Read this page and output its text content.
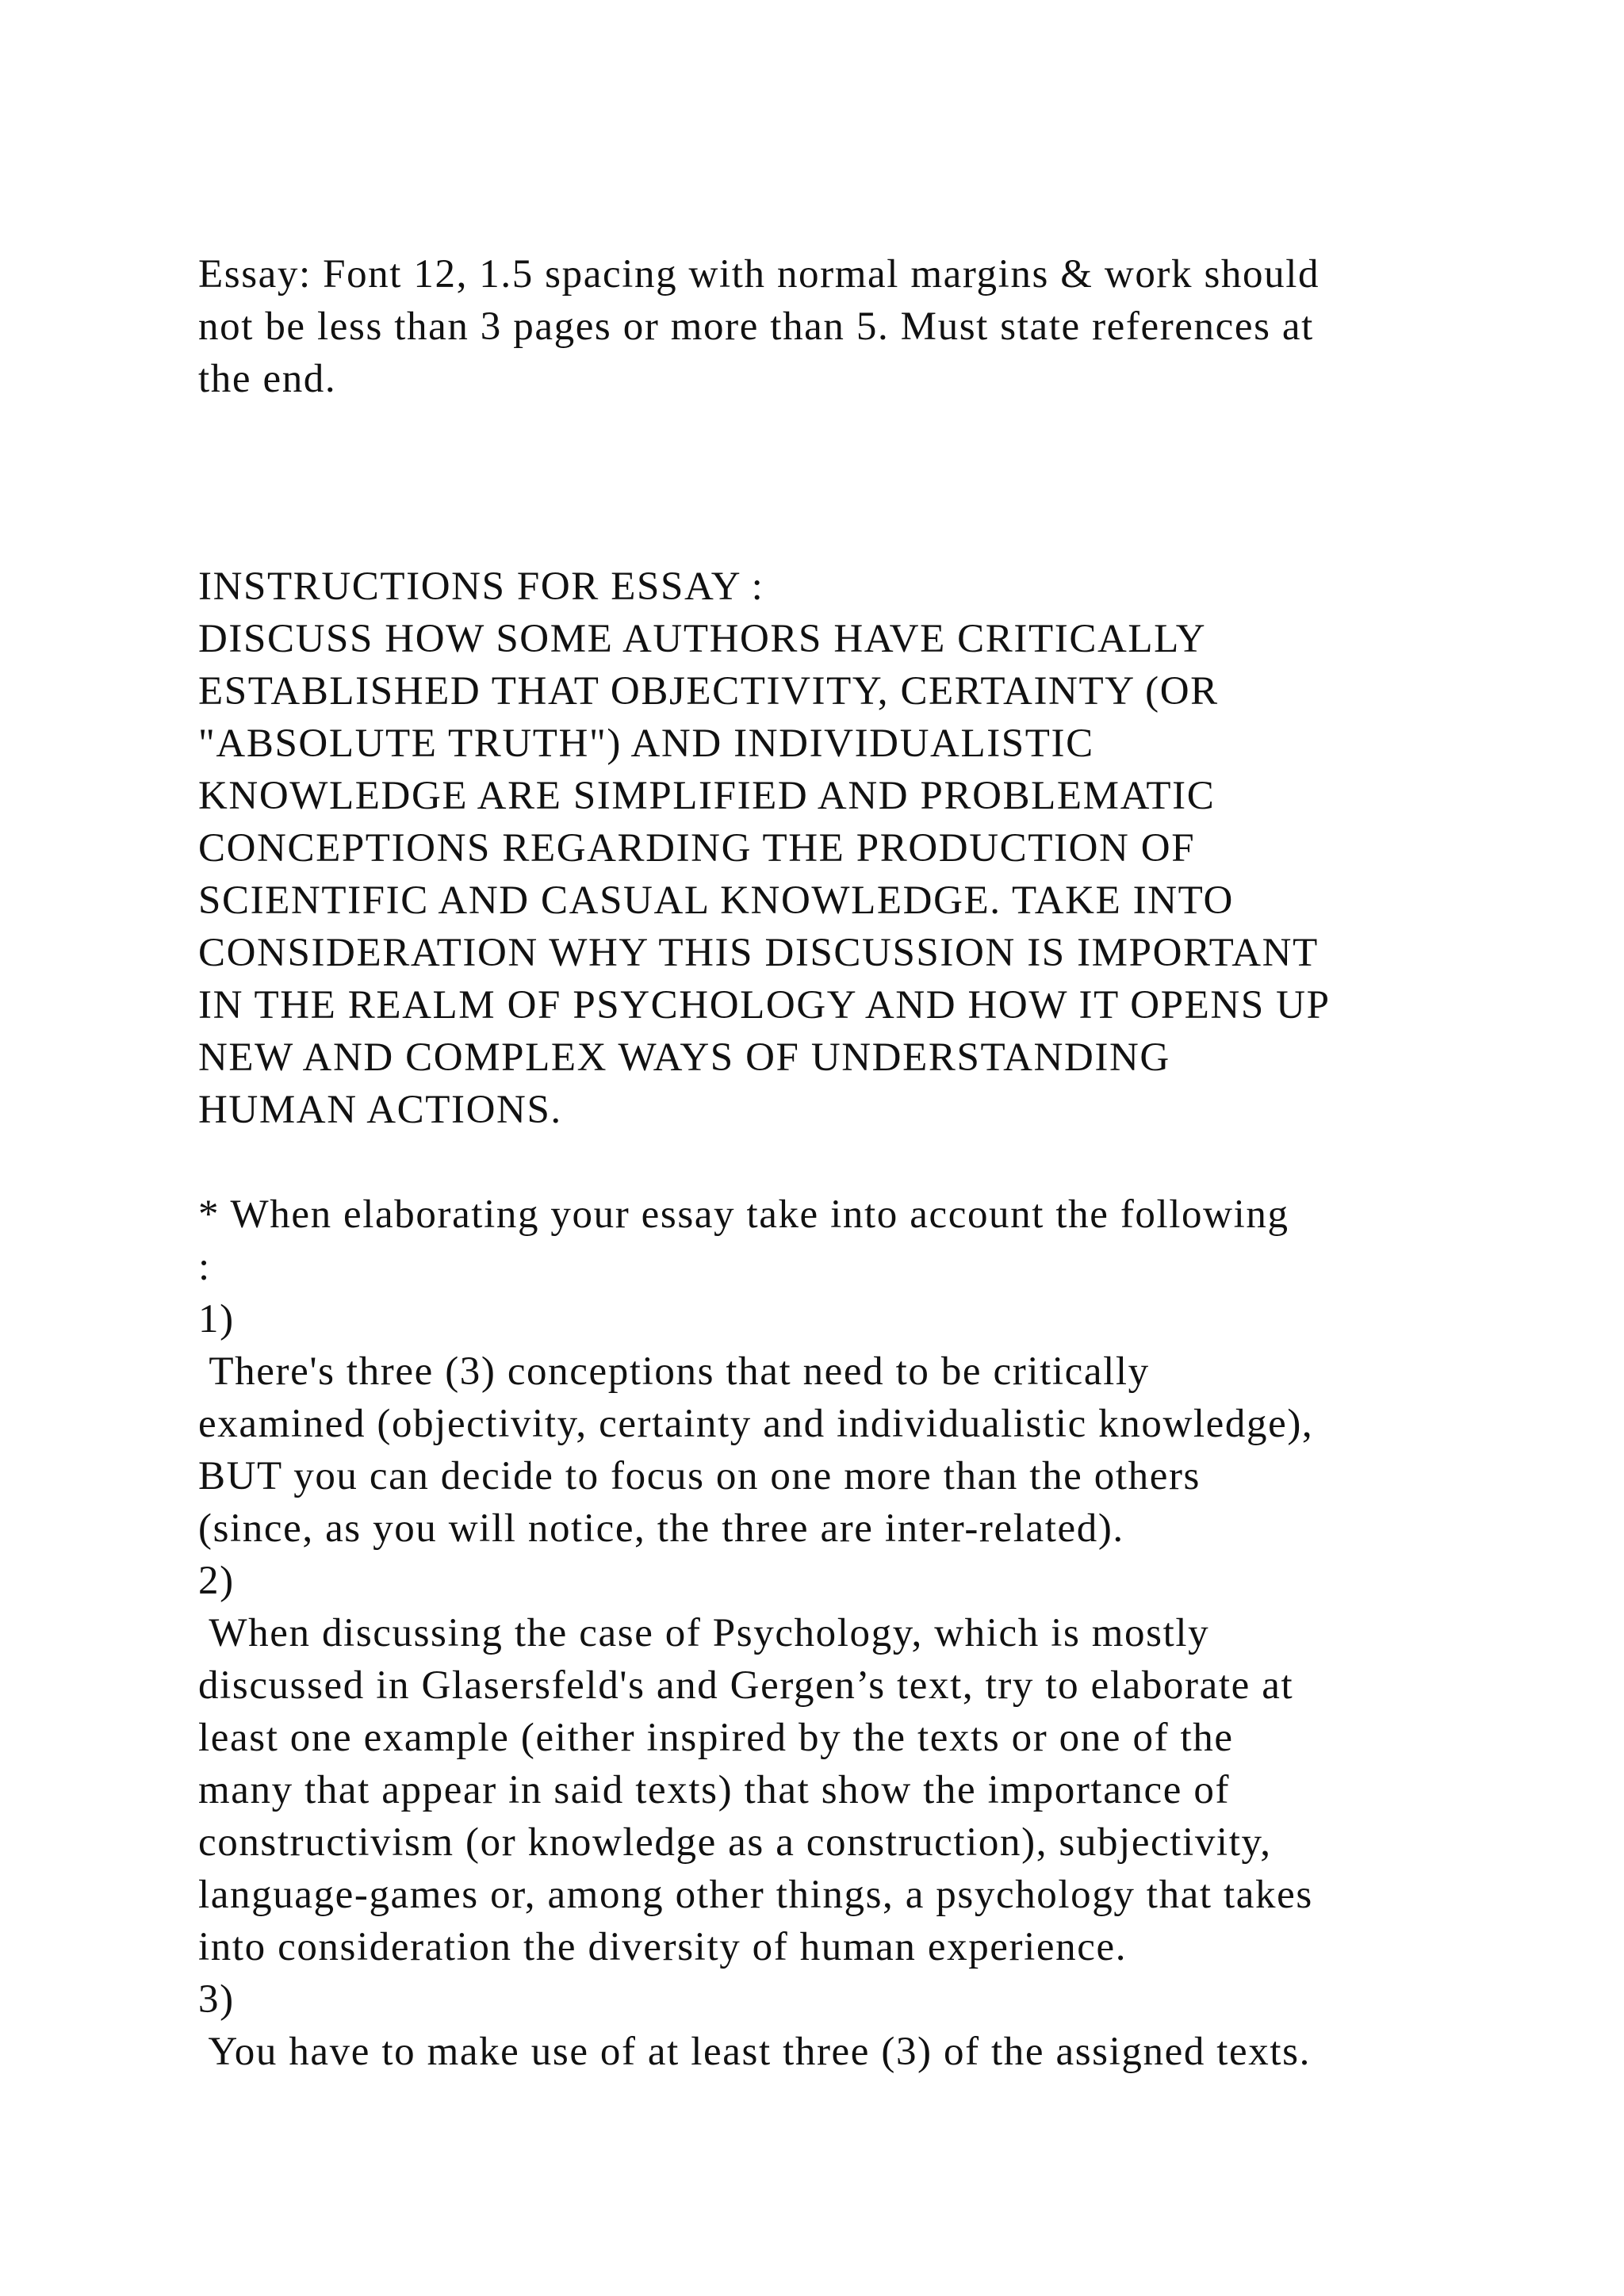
Essay: Font 12, 1.5 spacing with normal margins & work should
not be less than 3 pages or more than 5. Must state references at
the end.
INSTRUCTIONS FOR ESSAY :
DISCUSS HOW SOME AUTHORS HAVE CRITICALLY
ESTABLISHED THAT OBJECTIVITY, CERTAINTY (OR
"ABSOLUTE TRUTH") AND INDIVIDUALISTIC
KNOWLEDGE ARE SIMPLIFIED AND PROBLEMATIC
CONCEPTIONS REGARDING THE PRODUCTION OF
SCIENTIFIC AND CASUAL KNOWLEDGE. TAKE INTO
CONSIDERATION WHY THIS DISCUSSION IS IMPORTANT
IN THE REALM OF PSYCHOLOGY AND HOW IT OPENS UP
NEW AND COMPLEX WAYS OF UNDERSTANDING
HUMAN ACTIONS.
* When elaborating your essay take into account the following
:
1)
There's three (3) conceptions that need to be critically
examined (objectivity, certainty and individualistic knowledge),
BUT you can decide to focus on one more than the others
(since, as you will notice, the three are inter-related).
2)
When discussing the case of Psychology, which is mostly
discussed in Glasersfeld's and Gergen’s text, try to elaborate at
least one example (either inspired by the texts or one of the
many that appear in said texts) that show the importance of
constructivism (or knowledge as a construction), subjectivity,
language-games or, among other things, a psychology that takes
into consideration the diversity of human experience.
3)
You have to make use of at least three (3) of the assigned texts.
